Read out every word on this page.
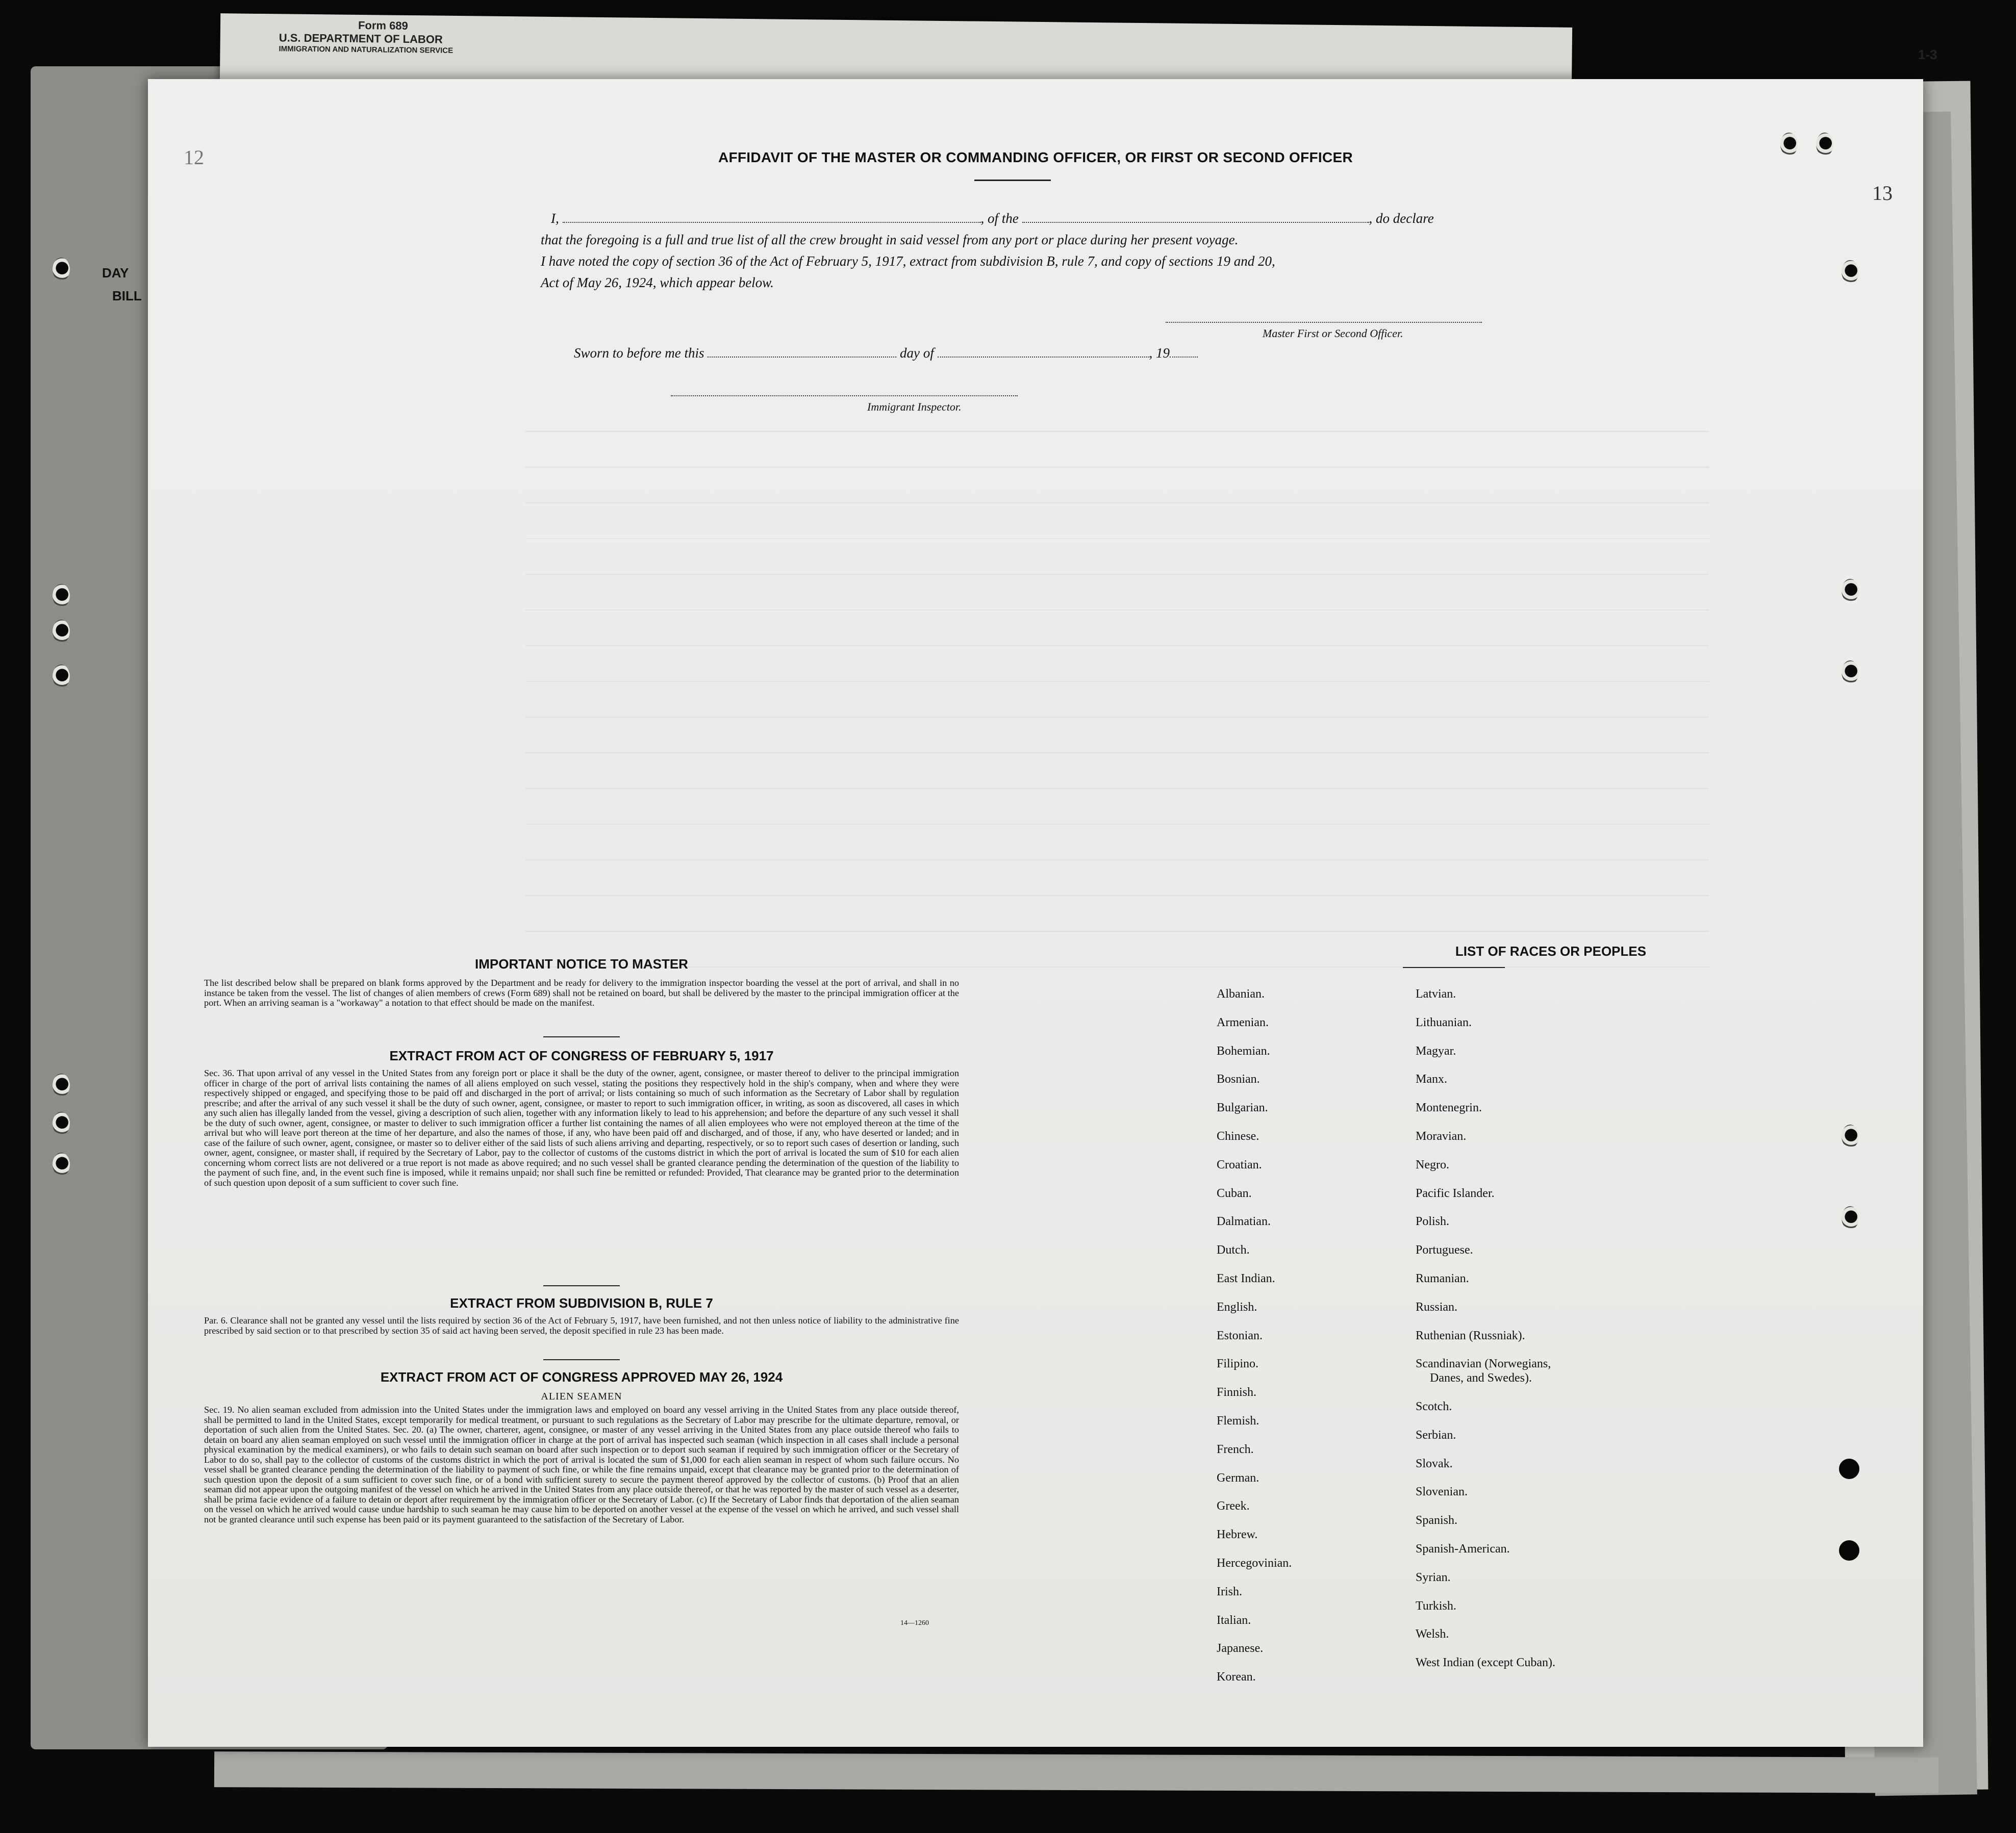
Form 689
U.S. DEPARTMENT OF LABOR
IMMIGRATION AND NATURALIZATION SERVICE
DAY
BILL
1-3
12
13
AFFIDAVIT OF THE MASTER OR COMMANDING OFFICER, OR FIRST OR SECOND OFFICER
I,	, of the	, do declare
that the foregoing is a full and true list of all the crew brought in said vessel from any port or place during her present voyage.
I have noted the copy of section 36 of the Act of February 5, 1917, extract from subdivision B, rule 7, and copy of sections 19 and 20,
Act of May 26, 1924, which appear below.
Master First or Second Officer.
Sworn to before me this	day of	, 19
Immigrant Inspector.
IMPORTANT NOTICE TO MASTER
The list described below shall be prepared on blank forms approved by the Department and be ready for delivery to the immigration inspector boarding the vessel at the port of arrival, and shall in no instance be taken from the vessel. The list of changes of alien members of crews (Form 689) shall not be retained on board, but shall be delivered by the master to the principal immigration officer at the port. When an arriving seaman is a "workaway" a notation to that effect should be made on the manifest.
EXTRACT FROM ACT OF CONGRESS OF FEBRUARY 5, 1917
Sec. 36. That upon arrival of any vessel in the United States from any foreign port or place it shall be the duty of the owner, agent, consignee, or master thereof to deliver to the principal immigration officer in charge of the port of arrival lists containing the names of all aliens employed on such vessel, stating the positions they respectively hold in the ship's company, when and where they were respectively shipped or engaged, and specifying those to be paid off and discharged in the port of arrival; or lists containing so much of such information as the Secretary of Labor shall by regulation prescribe; and after the arrival of any such vessel it shall be the duty of such owner, agent, consignee, or master to report to such immigration officer, in writing, as soon as discovered, all cases in which any such alien has illegally landed from the vessel, giving a description of such alien, together with any information likely to lead to his apprehension; and before the departure of any such vessel it shall be the duty of such owner, agent, consignee, or master to deliver to such immigration officer a further list containing the names of all alien employees who were not employed thereon at the time of the arrival but who will leave port thereon at the time of her departure, and also the names of those, if any, who have been paid off and discharged, and of those, if any, who have deserted or landed; and in case of the failure of such owner, agent, consignee, or master so to deliver either of the said lists of such aliens arriving and departing, respectively, or so to report such cases of desertion or landing, such owner, agent, consignee, or master shall, if required by the Secretary of Labor, pay to the collector of customs of the customs district in which the port of arrival is located the sum of $10 for each alien concerning whom correct lists are not delivered or a true report is not made as above required; and no such vessel shall be granted clearance pending the determination of the question of the liability to the payment of such fine, and, in the event such fine is imposed, while it remains unpaid; nor shall such fine be remitted or refunded: Provided, That clearance may be granted prior to the determination of such question upon deposit of a sum sufficient to cover such fine.
EXTRACT FROM SUBDIVISION B, RULE 7
Par. 6. Clearance shall not be granted any vessel until the lists required by section 36 of the Act of February 5, 1917, have been furnished, and not then unless notice of liability to the administrative fine prescribed by said section or to that prescribed by section 35 of said act having been served, the deposit specified in rule 23 has been made.
EXTRACT FROM ACT OF CONGRESS APPROVED MAY 26, 1924
ALIEN SEAMEN
Sec. 19. No alien seaman excluded from admission into the United States under the immigration laws and employed on board any vessel arriving in the United States from any place outside thereof, shall be permitted to land in the United States, except temporarily for medical treatment, or pursuant to such regulations as the Secretary of Labor may prescribe for the ultimate departure, removal, or deportation of such alien from the United States. Sec. 20. (a) The owner, charterer, agent, consignee, or master of any vessel arriving in the United States from any place outside thereof who fails to detain on board any alien seaman employed on such vessel until the immigration officer in charge at the port of arrival has inspected such seaman (which inspection in all cases shall include a personal physical examination by the medical examiners), or who fails to detain such seaman on board after such inspection or to deport such seaman if required by such immigration officer or the Secretary of Labor to do so, shall pay to the collector of customs of the customs district in which the port of arrival is located the sum of $1,000 for each alien seaman in respect of whom such failure occurs. No vessel shall be granted clearance pending the determination of the liability to payment of such fine, or while the fine remains unpaid, except that clearance may be granted prior to the determination of such question upon the deposit of a sum sufficient to cover such fine, or of a bond with sufficient surety to secure the payment thereof approved by the collector of customs. (b) Proof that an alien seaman did not appear upon the outgoing manifest of the vessel on which he arrived in the United States from any place outside thereof, or that he was reported by the master of such vessel as a deserter, shall be prima facie evidence of a failure to detain or deport after requirement by the immigration officer or the Secretary of Labor. (c) If the Secretary of Labor finds that deportation of the alien seaman on the vessel on which he arrived would cause undue hardship to such seaman he may cause him to be deported on another vessel at the expense of the vessel on which he arrived, and such vessel shall not be granted clearance until such expense has been paid or its payment guaranteed to the satisfaction of the Secretary of Labor.
14—1260
LIST OF RACES OR PEOPLES
Albanian.
Armenian.
Bohemian.
Bosnian.
Bulgarian.
Chinese.
Croatian.
Cuban.
Dalmatian.
Dutch.
East Indian.
English.
Estonian.
Filipino.
Finnish.
Flemish.
French.
German.
Greek.
Hebrew.
Hercegovinian.
Irish.
Italian.
Japanese.
Korean.
Latvian.
Lithuanian.
Magyar.
Manx.
Montenegrin.
Moravian.
Negro.
Pacific Islander.
Polish.
Portuguese.
Rumanian.
Russian.
Ruthenian (Russniak).
Scandinavian (Norwegians,
Danes, and Swedes).
Scotch.
Serbian.
Slovak.
Slovenian.
Spanish.
Spanish-American.
Syrian.
Turkish.
Welsh.
West Indian (except Cuban).
